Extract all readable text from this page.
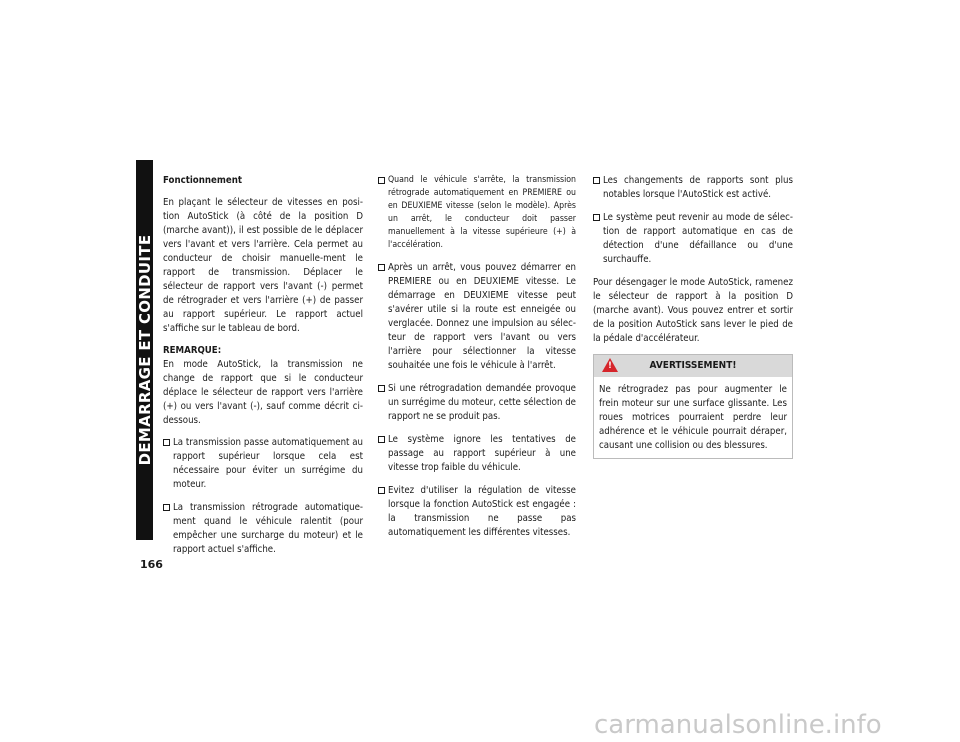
DEMARRAGE ET CONDUITE
Fonctionnement

En plaçant le sélecteur de vitesses en posi-tion AutoStick (à côté de la position D (marche avant)), il est possible de le déplacer vers l'avant et vers l'arrière. Cela permet au conducteur de choisir manuelle-ment le rapport de transmission. Déplacer le sélecteur de rapport vers l'avant (-) permet de rétrograder et vers l'arrière (+) de passer au rapport supérieur. Le rapport actuel s'affiche sur le tableau de bord.

REMARQUE:
En mode AutoStick, la transmission ne change de rapport que si le conducteur déplace le sélecteur de rapport vers l'arrière (+) ou vers l'avant (-), sauf comme décrit ci-dessous.

La transmission passe automatiquement au rapport supérieur lorsque cela est nécessaire pour éviter un surrégime du moteur.
La transmission rétrograde automatique-ment quand le véhicule ralentit (pour empêcher une surcharge du moteur) et le rapport actuel s'affiche.
Quand le véhicule s'arrête, la transmission rétrograde automatiquement en PREMIERE ou en DEUXIEME vitesse (selon le modèle). Après un arrêt, le conducteur doit passer manuellement à la vitesse supérieure (+) à l'accélération.
Après un arrêt, vous pouvez démarrer en PREMIERE ou en DEUXIEME vitesse. Le démarrage en DEUXIEME vitesse peut s'avérer utile si la route est enneigée ou verglacée. Donnez une impulsion au sélec-teur de rapport vers l'avant ou vers l'arrière pour sélectionner la vitesse souhaitée une fois le véhicule à l'arrêt.
Si une rétrogradation demandée provoque un surrégime du moteur, cette sélection de rapport ne se produit pas.
Le système ignore les tentatives de passage au rapport supérieur à une vitesse trop faible du véhicule.
Evitez d'utiliser la régulation de vitesse lorsque la fonction AutoStick est engagée : la transmission ne passe pas automatiquement les différentes vitesses.
Les changements de rapports sont plus notables lorsque l'AutoStick est activé.
Le système peut revenir au mode de sélec-tion de rapport automatique en cas de détection d'une défaillance ou d'une surchauffe.

Pour désengager le mode AutoStick, ramenez le sélecteur de rapport à la position D (marche avant). Vous pouvez entrer et sortir de la position AutoStick sans lever le pied de la pédale d'accélérateur.

!	AVERTISSEMENT!
Ne rétrogradez pas pour augmenter le frein moteur sur une surface glissante. Les roues motrices pourraient perdre leur adhérence et le véhicule pourrait déraper, causant une collision ou des blessures.
166
carmanualsonline.info
